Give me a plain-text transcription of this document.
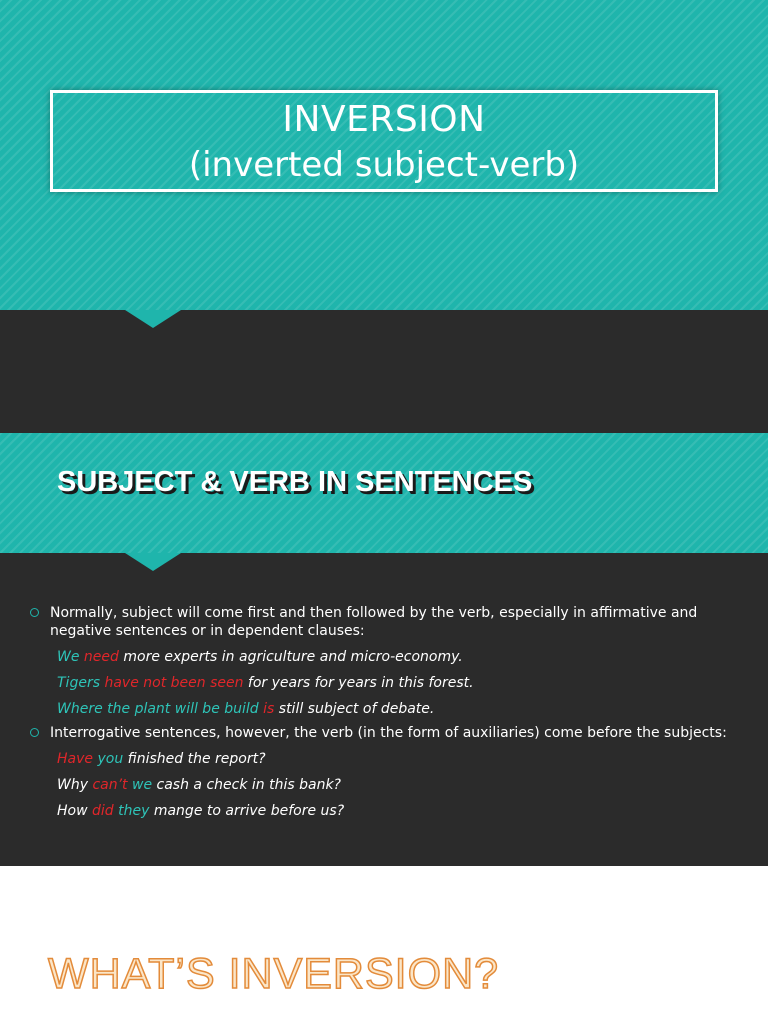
INVERSION
(inverted subject-verb)
SUBJECT & VERB IN SENTENCES
Normally, subject will come first and then followed by the verb, especially in affirmative and negative sentences or in dependent clauses:
We need more experts in agriculture and micro-economy.
Tigers have not been seen for years for years in this forest.
Where the plant will be build is still subject of debate.
Interrogative sentences, however, the verb (in the form of auxiliaries) come before the subjects:
Have you finished the report?
Why can’t we cash a check in this bank?
How did they mange to arrive before us?
WHAT’S INVERSION?
